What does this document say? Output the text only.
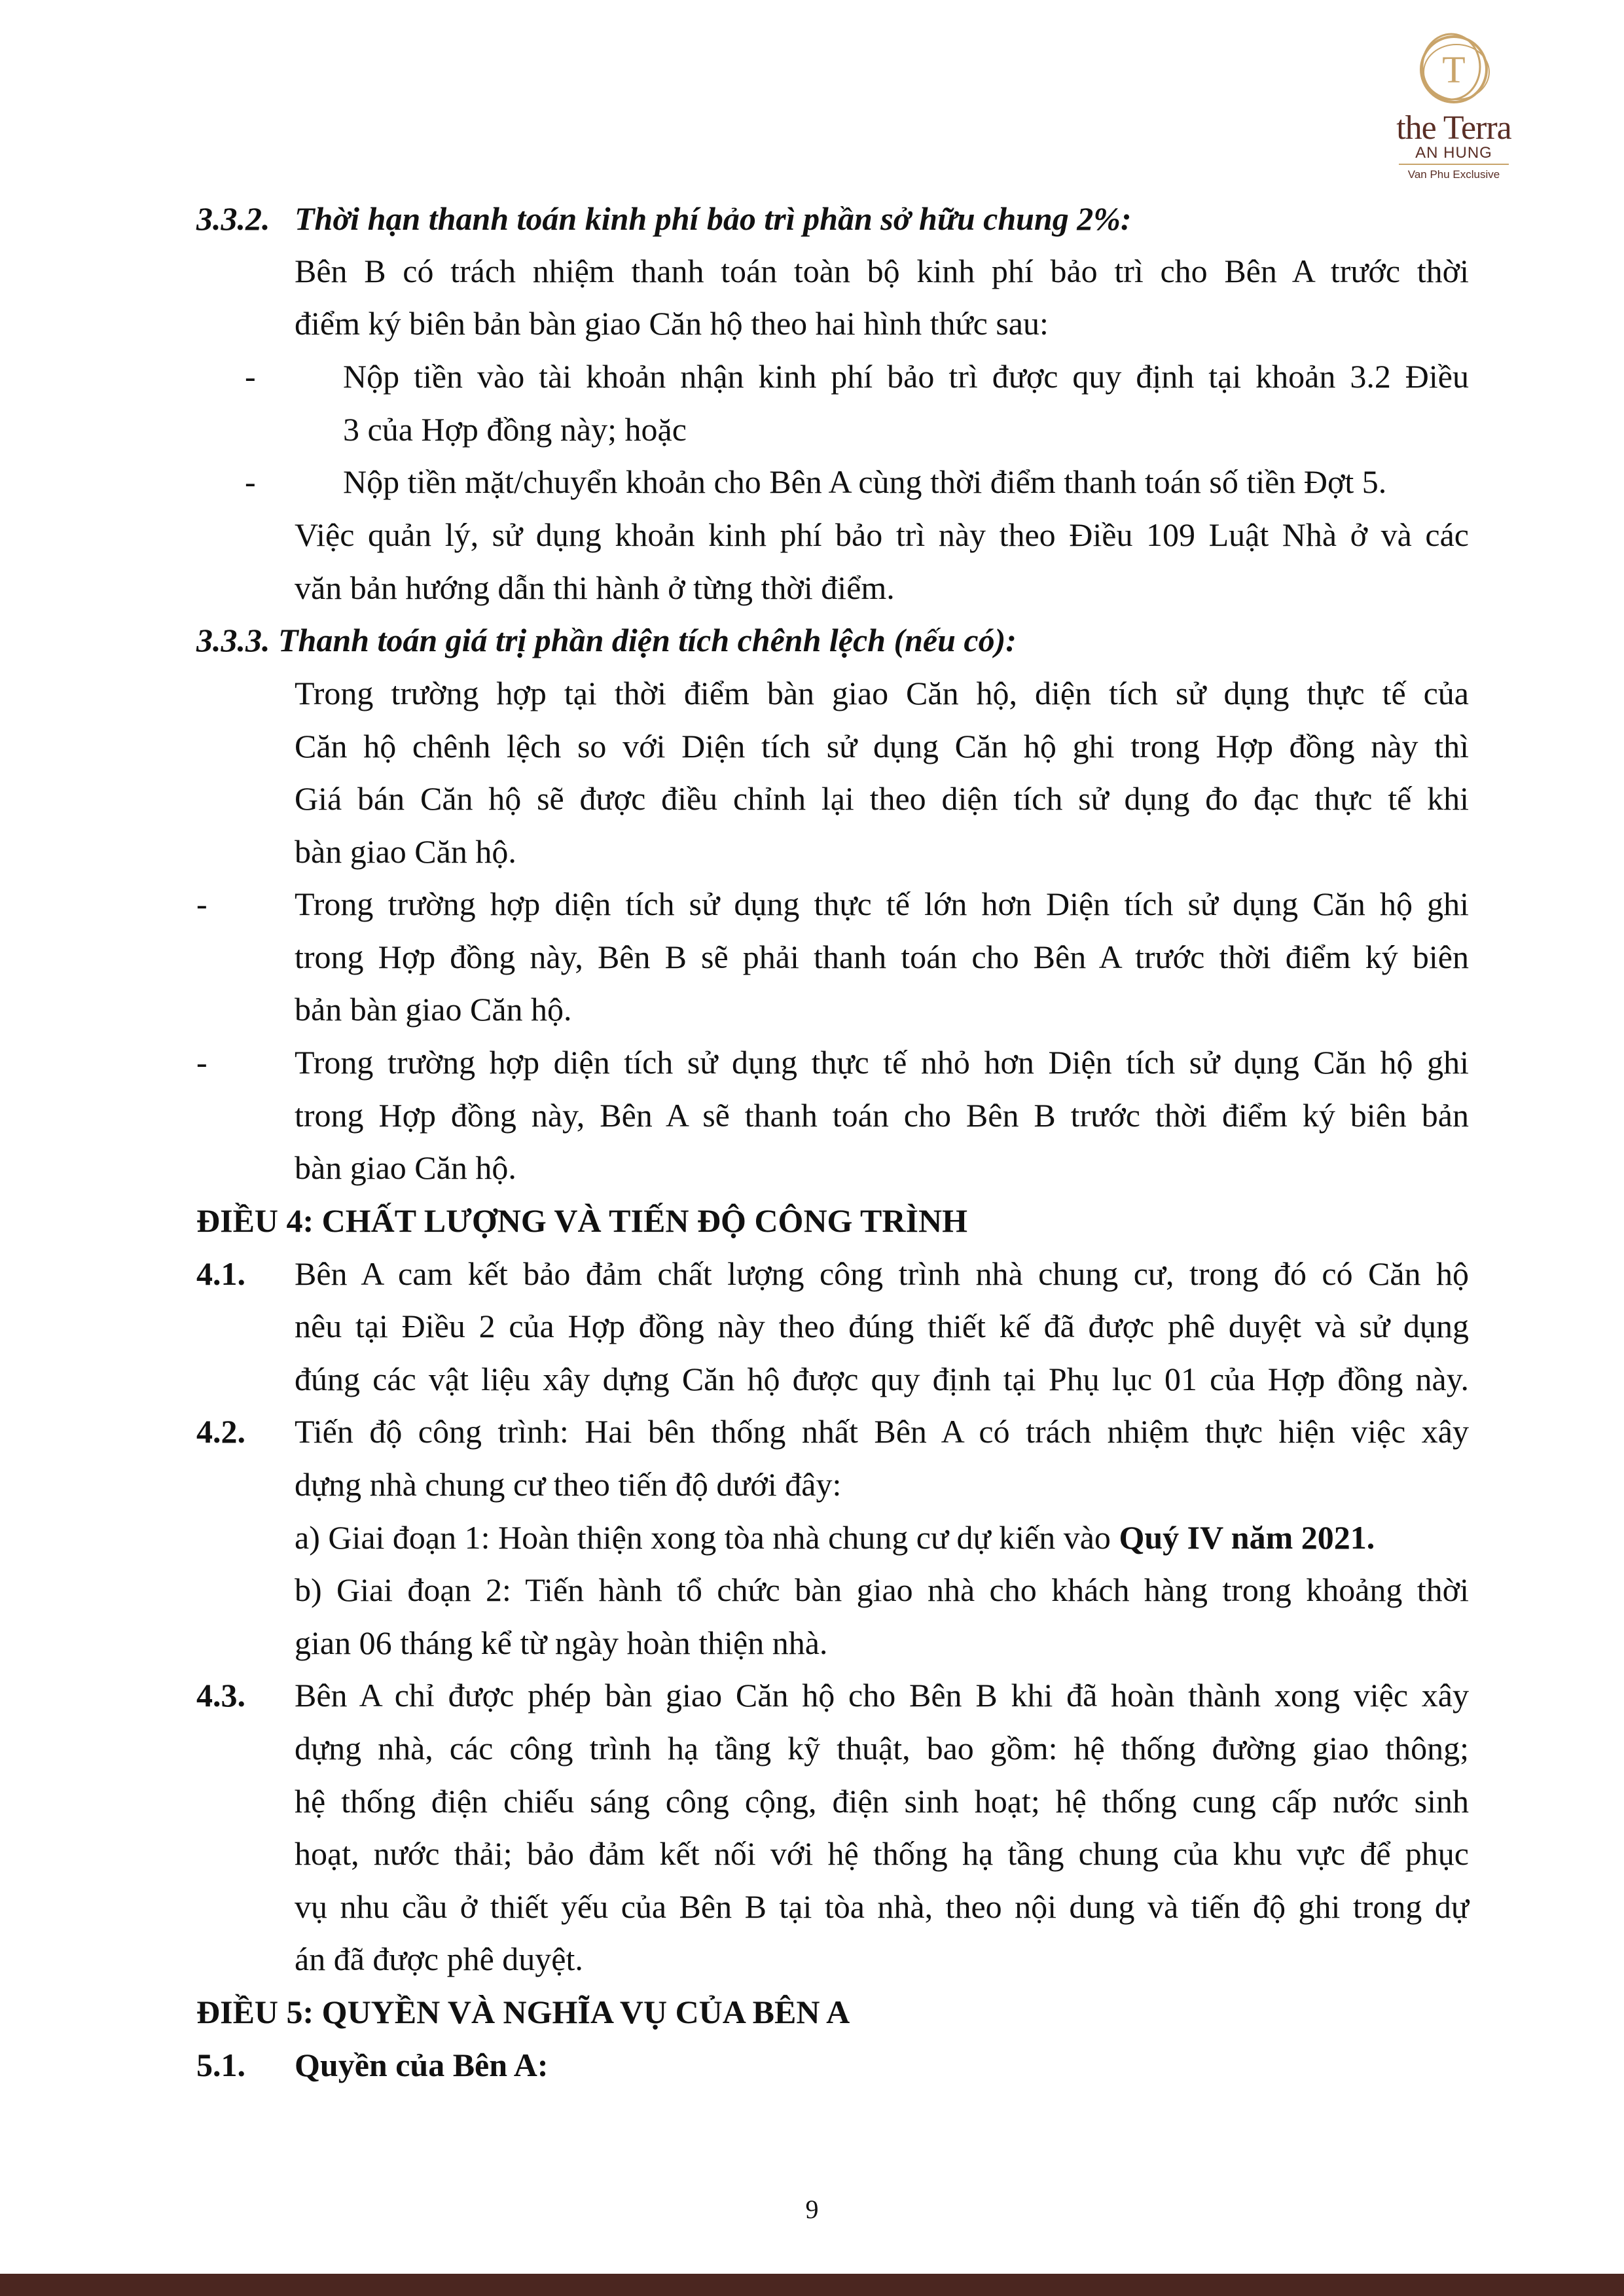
T
the Terra
AN HUNG
Van Phu Exclusive
3.3.2. Thời hạn thanh toán kinh phí bảo trì phần sở hữu chung 2%:
Bên B có trách nhiệm thanh toán toàn bộ kinh phí bảo trì cho Bên A trước thời
điểm ký biên bản bàn giao Căn hộ theo hai hình thức sau:
-	Nộp tiền vào tài khoản nhận kinh phí bảo trì được quy định tại khoản 3.2 Điều
3 của Hợp đồng này; hoặc
-	Nộp tiền mặt/chuyển khoản cho Bên A cùng thời điểm thanh toán số tiền Đợt 5.
Việc quản lý, sử dụng khoản kinh phí bảo trì này theo Điều 109 Luật Nhà ở và các
văn bản hướng dẫn thi hành ở từng thời điểm.
3.3.3. Thanh toán giá trị phần diện tích chênh lệch (nếu có):
Trong trường hợp tại thời điểm bàn giao Căn hộ, diện tích sử dụng thực tế của
Căn hộ chênh lệch so với Diện tích sử dụng Căn hộ ghi trong Hợp đồng này thì
Giá bán Căn hộ sẽ được điều chỉnh lại theo diện tích sử dụng đo đạc thực tế khi
bàn giao Căn hộ.
-	Trong trường hợp diện tích sử dụng thực tế lớn hơn Diện tích sử dụng Căn hộ ghi
trong Hợp đồng này, Bên B sẽ phải thanh toán cho Bên A trước thời điểm ký biên
bản bàn giao Căn hộ.
-	Trong trường hợp diện tích sử dụng thực tế nhỏ hơn Diện tích sử dụng Căn hộ ghi
trong Hợp đồng này, Bên A sẽ thanh toán cho Bên B trước thời điểm ký biên bản
bàn giao Căn hộ.
ĐIỀU 4: CHẤT LƯỢNG VÀ TIẾN ĐỘ CÔNG TRÌNH
4.1. Bên A cam kết bảo đảm chất lượng công trình nhà chung cư, trong đó có Căn hộ
nêu tại Điều 2 của Hợp đồng này theo đúng thiết kế đã được phê duyệt và sử dụng
đúng các vật liệu xây dựng Căn hộ được quy định tại Phụ lục 01 của Hợp đồng này.
4.2. Tiến độ công trình: Hai bên thống nhất Bên A có trách nhiệm thực hiện việc xây
dựng nhà chung cư theo tiến độ dưới đây:
a) Giai đoạn 1: Hoàn thiện xong tòa nhà chung cư dự kiến vào Quý IV năm 2021.
b) Giai đoạn 2: Tiến hành tổ chức bàn giao nhà cho khách hàng trong khoảng thời
gian 06 tháng kể từ ngày hoàn thiện nhà.
4.3. Bên A chỉ được phép bàn giao Căn hộ cho Bên B khi đã hoàn thành xong việc xây
dựng nhà, các công trình hạ tầng kỹ thuật, bao gồm: hệ thống đường giao thông;
hệ thống điện chiếu sáng công cộng, điện sinh hoạt; hệ thống cung cấp nước sinh
hoạt, nước thải; bảo đảm kết nối với hệ thống hạ tầng chung của khu vực để phục
vụ nhu cầu ở thiết yếu của Bên B tại tòa nhà, theo nội dung và tiến độ ghi trong dự
án đã được phê duyệt.
ĐIỀU 5: QUYỀN VÀ NGHĨA VỤ CỦA BÊN A
5.1. Quyền của Bên A:
9
